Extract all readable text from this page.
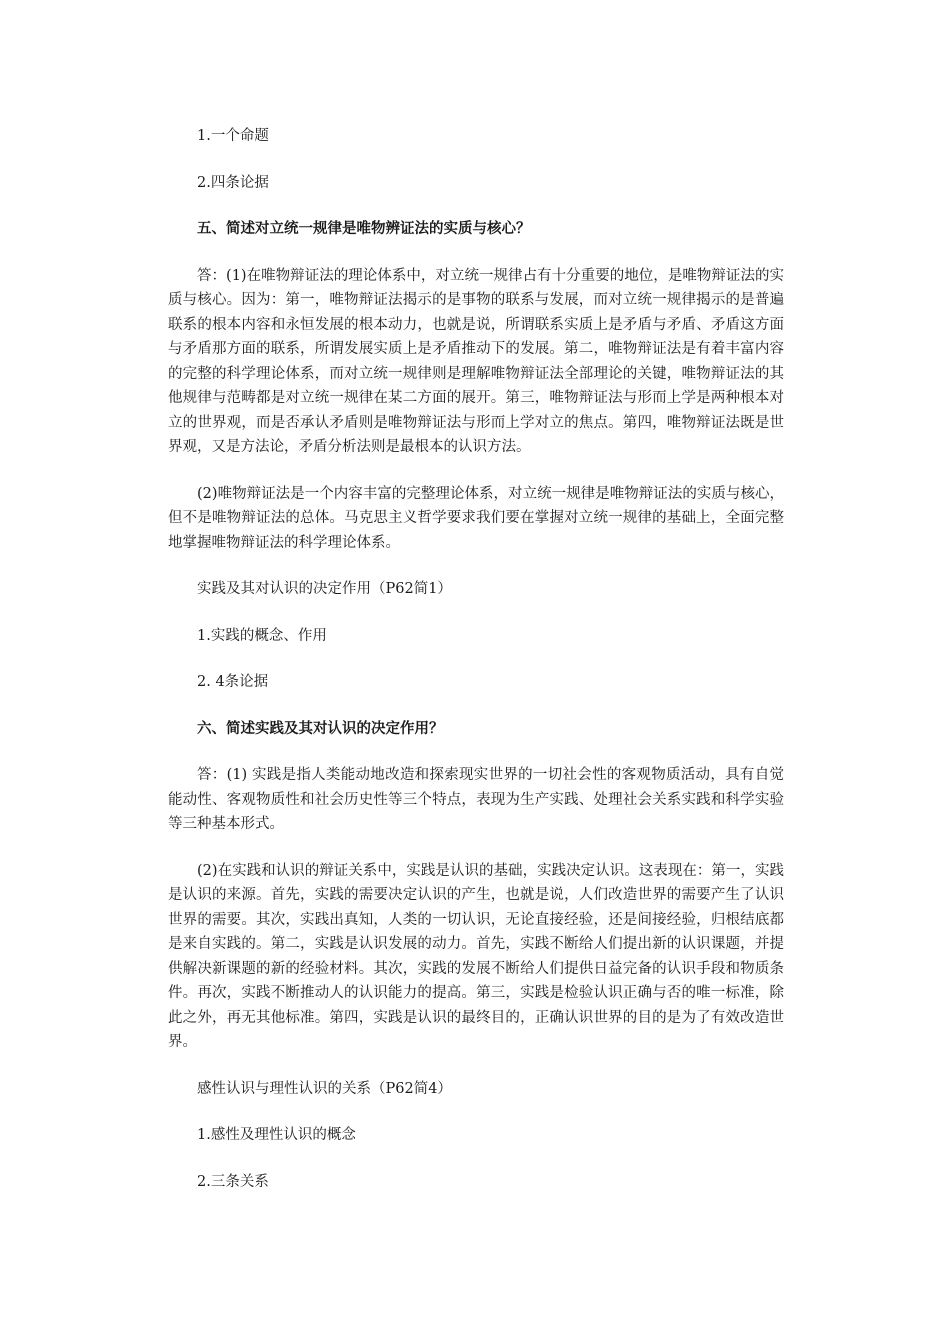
1.一个命题

2.四条论据

五、简述对立统一规律是唯物辨证法的实质与核心？

答：(1)在唯物辩证法的理论体系中，对立统一规律占有十分重要的地位，是唯物辩证法的实质与核心。因为：第一，唯物辩证法揭示的是事物的联系与发展，而对立统一规律揭示的是普遍联系的根本内容和永恒发展的根本动力，也就是说，所谓联系实质上是矛盾与矛盾、矛盾这方面与矛盾那方面的联系，所谓发展实质上是矛盾推动下的发展。第二，唯物辩证法是有着丰富内容的完整的科学理论体系，而对立统一规律则是理解唯物辩证法全部理论的关键，唯物辩证法的其他规律与范畴都是对立统一规律在某二方面的展开。第三，唯物辩证法与形而上学是两种根本对立的世界观，而是否承认矛盾则是唯物辩证法与形而上学对立的焦点。第四，唯物辩证法既是世界观，又是方法论，矛盾分析法则是最根本的认识方法。

(2)唯物辩证法是一个内容丰富的完整理论体系，对立统一规律是唯物辩证法的实质与核心，但不是唯物辩证法的总体。马克思主义哲学要求我们要在掌握对立统一规律的基础上，全面完整地掌握唯物辩证法的科学理论体系。

实践及其对认识的决定作用（P62简1）

1.实践的概念、作用

2. 4条论据

六、简述实践及其对认识的决定作用？

答：(1) 实践是指人类能动地改造和探索现实世界的一切社会性的客观物质活动，具有自觉能动性、客观物质性和社会历史性等三个特点，表现为生产实践、处理社会关系实践和科学实验等三种基本形式。

(2)在实践和认识的辩证关系中，实践是认识的基础，实践决定认识。这表现在：第一，实践是认识的来源。首先，实践的需要决定认识的产生，也就是说，人们改造世界的需要产生了认识世界的需要。其次，实践出真知，人类的一切认识，无论直接经验，还是间接经验，归根结底都是来自实践的。第二，实践是认识发展的动力。首先，实践不断给人们提出新的认识课题，并提供解决新课题的新的经验材料。其次，实践的发展不断给人们提供日益完备的认识手段和物质条件。再次，实践不断推动人的认识能力的提高。第三，实践是检验认识正确与否的唯一标准，除此之外，再无其他标准。第四，实践是认识的最终目的，正确认识世界的目的是为了有效改造世界。

感性认识与理性认识的关系（P62简4）

1.感性及理性认识的概念

2.三条关系
